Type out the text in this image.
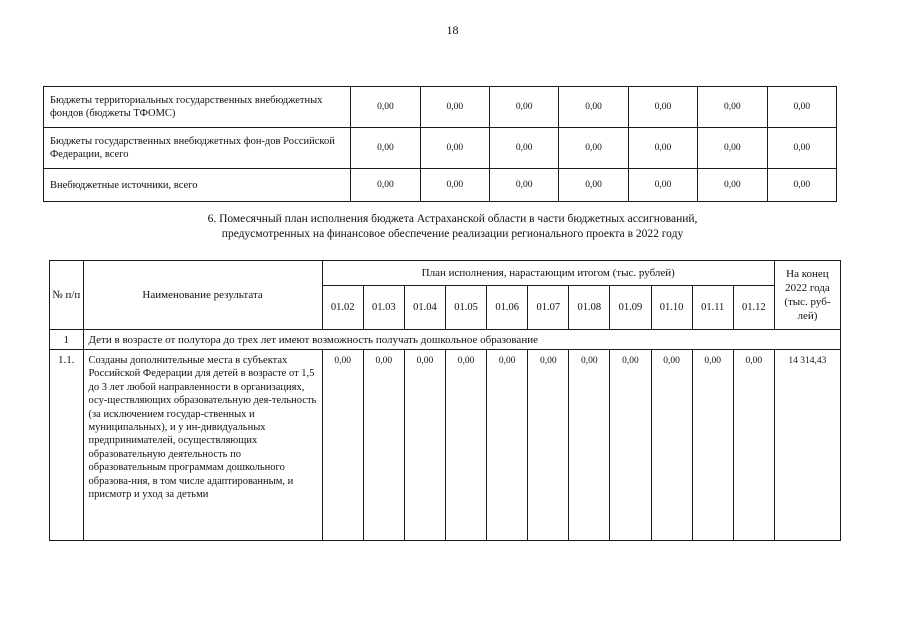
18
Бюджеты территориальных государственных внебюджетных фондов (бюджеты ТФОМС)	0,00	0,00	0,00	0,00	0,00	0,00	0,00
Бюджеты государственных внебюджетных фон-дов Российской Федерации, всего	0,00	0,00	0,00	0,00	0,00	0,00	0,00
Внебюджетные источники, всего	0,00	0,00	0,00	0,00	0,00	0,00	0,00
6. Помесячный план исполнения бюджета Астраханской области в части бюджетных ассигнований,
предусмотренных на финансовое обеспечение реализации регионального проекта в 2022 году
№ п/п	Наименование результата	План исполнения, нарастающим итогом (тыс. рублей)											На конец 2022 года (тыс. руб-лей)
		01.02	01.03	01.04	01.05	01.06	01.07	01.08	01.09	01.10	01.11	01.12	
1	Дети в возрасте от полутора до трех лет имеют возможность получать дошкольное образование												
1.1.	Созданы дополнительные места в субъектах Российской Федерации для детей в возрасте от 1,5 до 3 лет любой направленности в организациях, осу-ществляющих образовательную дея-тельность (за исключением государ-ственных и муниципальных), и у ин-дивидуальных предпринимателей, осуществляющих образовательную деятельность по образовательным программам дошкольного образова-ния, в том числе адаптированным, и присмотр и уход за детьми	0,00	0,00	0,00	0,00	0,00	0,00	0,00	0,00	0,00	0,00	0,00	14 314,43
